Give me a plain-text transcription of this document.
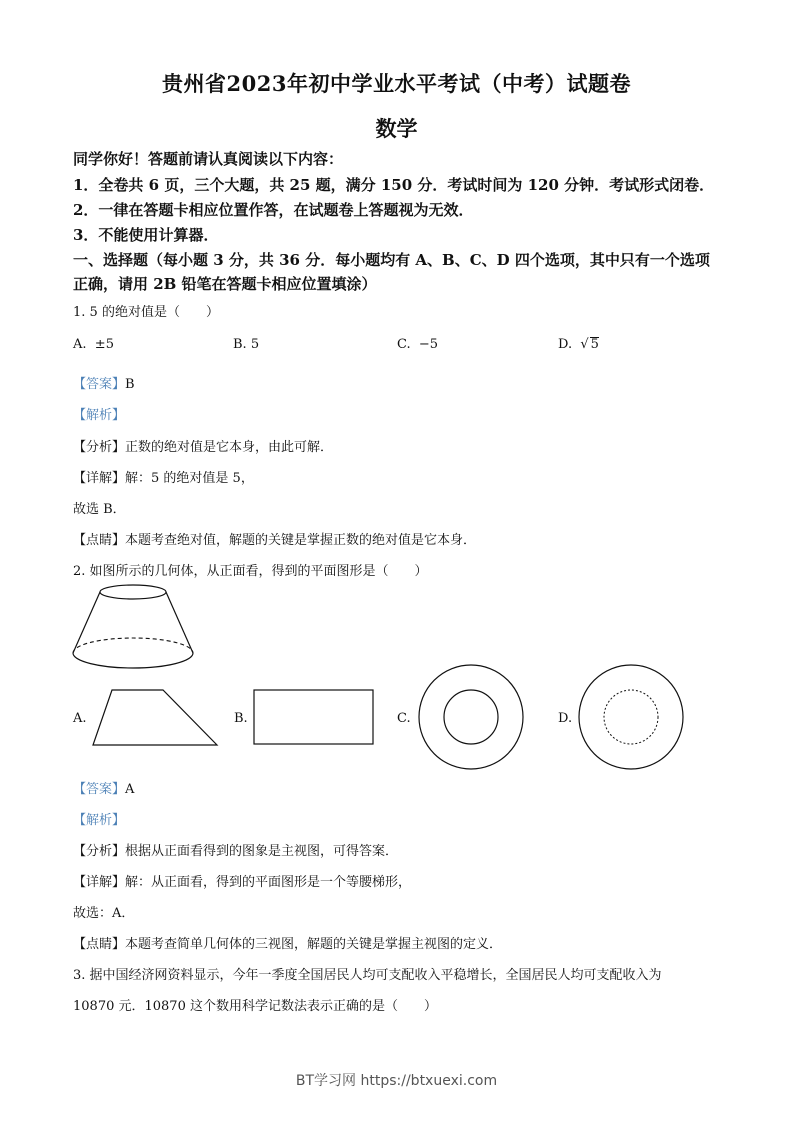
贵州省2023年初中学业水平考试（中考）试题卷
数学
同学你好！答题前请认真阅读以下内容：
1．全卷共 6 页，三个大题，共 25 题，满分 150 分．考试时间为 120 分钟．考试形式闭卷．
2．一律在答题卡相应位置作答，在试题卷上答题视为无效．
3．不能使用计算器．
一、选择题（每小题 3 分，共 36 分．每小题均有 A、B、C、D 四个选项，其中只有一个选项
正确，请用 2B 铅笔在答题卡相应位置填涂）
1. 5 的绝对值是（　　）
A. ±5	B. 5	C. −5	D. √ 5
【答案】B
【解析】
【分析】正数的绝对值是它本身，由此可解．
【详解】解：5 的绝对值是 5，
故选 B．
【点睛】本题考查绝对值，解题的关键是掌握正数的绝对值是它本身．
2. 如图所示的几何体，从正面看，得到的平面图形是（　　）
A.	B.	C.	D.
【答案】A
【解析】
【分析】根据从正面看得到的图象是主视图，可得答案．
【详解】解：从正面看，得到的平面图形是一个等腰梯形，
故选：A．
【点睛】本题考查简单几何体的三视图，解题的关键是掌握主视图的定义．
3. 据中国经济网资料显示，今年一季度全国居民人均可支配收入平稳增长，全国居民人均可支配收入为
10870 元．10870 这个数用科学记数法表示正确的是（　　）
BT学习网 https://btxuexi.com
